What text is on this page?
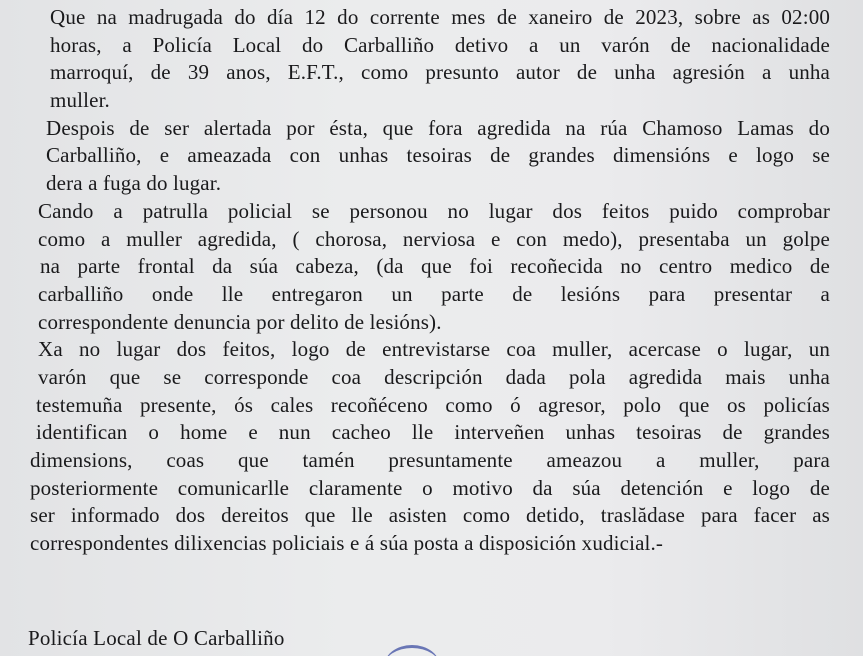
Que na madrugada do día 12 do corrente mes de xaneiro de 2023, sobre as 02:00
horas, a Policía Local do Carballiño detivo a un varón de nacionalidade
marroquí, de 39 anos, E.F.T., como presunto autor de unha agresión a unha
muller.
Despois de ser alertada por ésta, que fora agredida na rúa Chamoso Lamas do
Carballiño, e ameazada con unhas tesoiras de grandes dimensións e logo se
dera a fuga do lugar.
Cando a patrulla policial se personou no lugar dos feitos puido comprobar
como a muller agredida, ( chorosa, nerviosa e con medo), presentaba un golpe
na parte frontal da súa cabeza, (da que foi recoñecida no centro medico de
carballiño onde lle entregaron un parte de lesións para presentar a
correspondente denuncia por delito de lesións).
Xa no lugar dos feitos, logo de entrevistarse coa muller, acercase o lugar, un
varón que se corresponde coa descripción dada pola agredida mais unha
testemuña presente, ós cales recoñéceno como ó agresor, polo que os policías
identifican o home e nun cacheo lle interveñen unhas tesoiras de grandes
dimensions, coas que tamén presuntamente ameazou a muller, para
posteriormente comunicarlle claramente o motivo da súa detención e logo de
ser informado dos dereitos que lle asisten como detido, traslădase para facer as
correspondentes dilixencias policiais e á súa posta a disposición xudicial.-
Policía Local de O Carballiño
